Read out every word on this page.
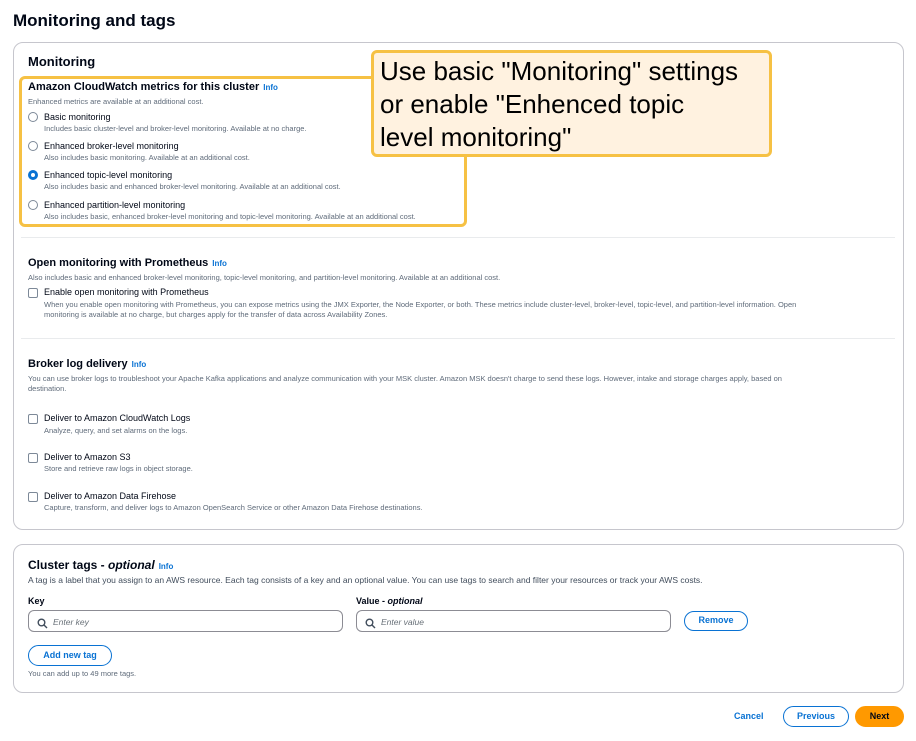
Monitoring and tags
Monitoring
Amazon CloudWatch metrics for this cluster Info
Enhanced metrics are available at an additional cost.
Basic monitoring
Includes basic cluster-level and broker-level monitoring. Available at no charge.
Enhanced broker-level monitoring
Also includes basic monitoring. Available at an additional cost.
Enhanced topic-level monitoring
Also includes basic and enhanced broker-level monitoring. Available at an additional cost.
Enhanced partition-level monitoring
Also includes basic, enhanced broker-level monitoring and topic-level monitoring. Available at an additional cost.
Use basic "Monitoring" settings
or enable "Enhenced topic
level monitoring"
Open monitoring with Prometheus Info
Also includes basic and enhanced broker-level monitoring, topic-level monitoring, and partition-level monitoring. Available at an additional cost.
Enable open monitoring with Prometheus
When you enable open monitoring with Prometheus, you can expose metrics using the JMX Exporter, the Node Exporter, or both. These metrics include cluster-level, broker-level, topic-level, and partition-level information. Open
monitoring is available at no charge, but charges apply for the transfer of data across Availability Zones.
Broker log delivery Info
You can use broker logs to troubleshoot your Apache Kafka applications and analyze communication with your MSK cluster. Amazon MSK doesn't charge to send these logs. However, intake and storage charges apply, based on
destination.
Deliver to Amazon CloudWatch Logs
Analyze, query, and set alarms on the logs.
Deliver to Amazon S3
Store and retrieve raw logs in object storage.
Deliver to Amazon Data Firehose
Capture, transform, and deliver logs to Amazon OpenSearch Service or other Amazon Data Firehose destinations.
Cluster tags - optional Info
A tag is a label that you assign to an AWS resource. Each tag consists of a key and an optional value. You can use tags to search and filter your resources or track your AWS costs.
Key	Value - optional
Enter key	Enter value	Remove
Add new tag
You can add up to 49 more tags.
Cancel	Previous	Next
